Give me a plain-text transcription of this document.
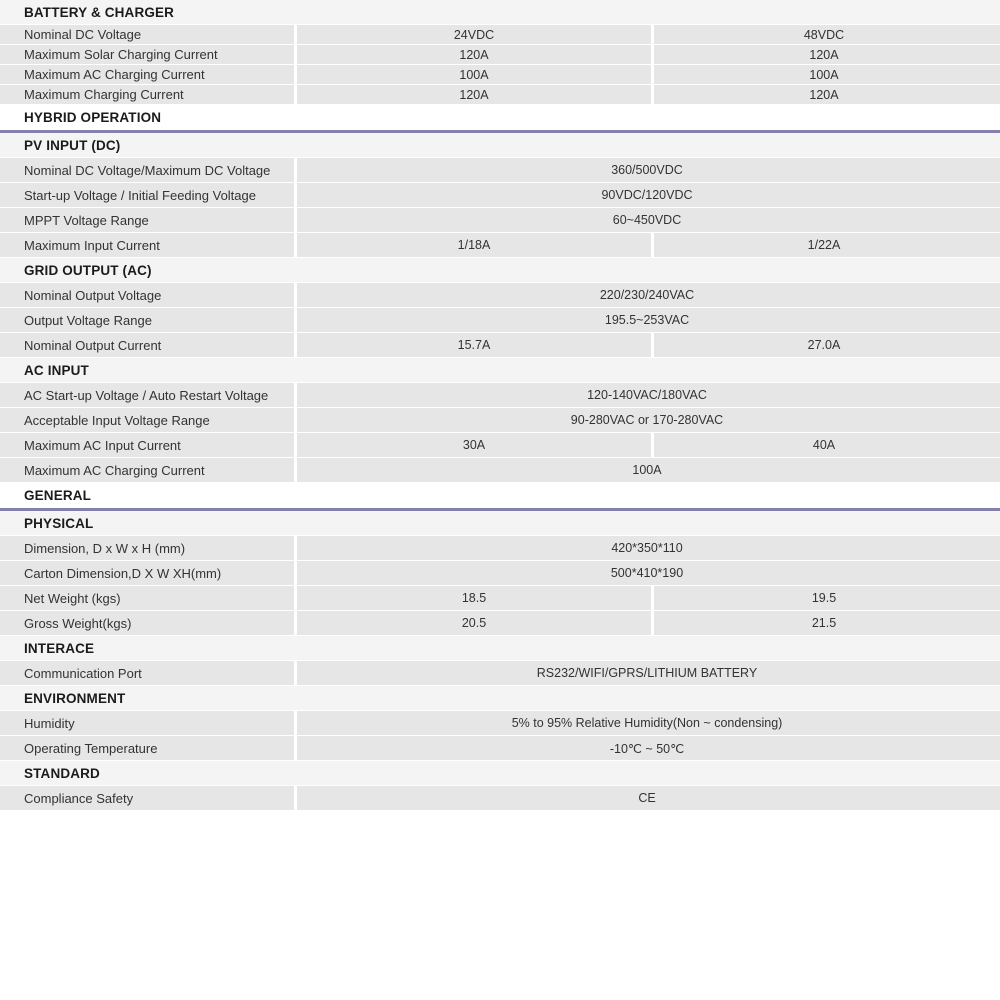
BATTERY & CHARGER
Nominal DC Voltage	24VDC	48VDC
Maximum Solar Charging Current	120A	120A
Maximum AC Charging Current	100A	100A
Maximum Charging Current	120A	120A
HYBRID OPERATION
PV INPUT (DC)
Nominal DC Voltage/Maximum DC Voltage	360/500VDC
Start-up Voltage / Initial Feeding Voltage	90VDC/120VDC
MPPT Voltage Range	60~450VDC
Maximum Input Current	1/18A	1/22A
GRID OUTPUT (AC)
Nominal Output Voltage	220/230/240VAC
Output Voltage Range	195.5~253VAC
Nominal Output Current	15.7A	27.0A
AC INPUT
AC Start-up Voltage / Auto Restart Voltage	120-140VAC/180VAC
Acceptable Input Voltage Range	90-280VAC or 170-280VAC
Maximum AC Input Current	30A	40A
Maximum AC Charging Current	100A
GENERAL
PHYSICAL
Dimension, D x W x H (mm)	420*350*110
Carton Dimension,D X W XH(mm)	500*410*190
Net Weight (kgs)	18.5	19.5
Gross Weight(kgs)	20.5	21.5
INTERACE
Communication Port	RS232/WIFI/GPRS/LITHIUM BATTERY
ENVIRONMENT
Humidity	5% to 95% Relative Humidity(Non ~ condensing)
Operating Temperature	-10℃ ~ 50℃
STANDARD
Compliance Safety	CE
